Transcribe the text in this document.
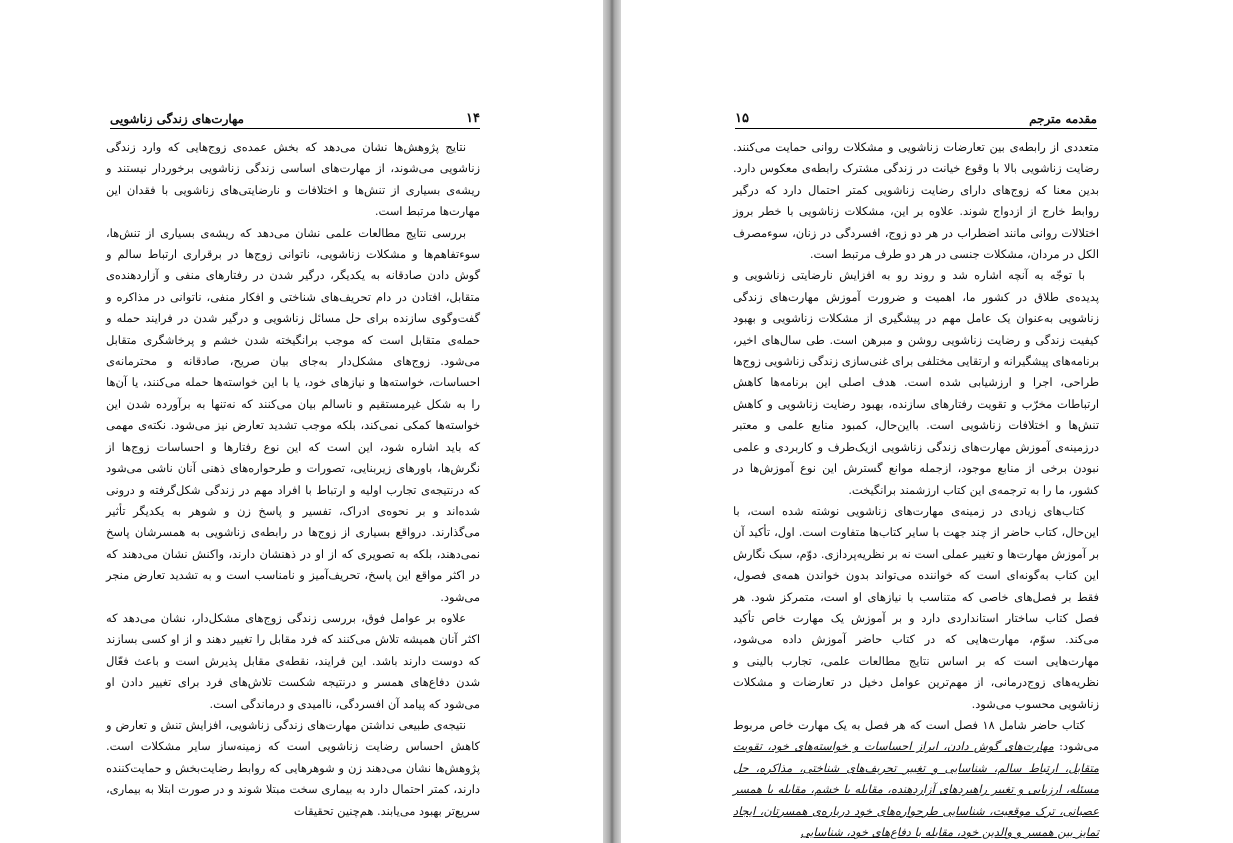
مهارت‌های زندگی زناشویی	۱۴

نتایج پژوهش‌ها نشان می‌دهد که بخش عمده‌ی زوج‌هایی که وارد زندگی زناشویی می‌شوند، از مهارت‌های اساسی زندگی زناشویی برخوردار نیستند و ریشه‌ی بسیاری از تنش‌ها و اختلافات و نارضایتی‌های زناشویی با فقدان این مهارت‌ها مرتبط است.

بررسی نتایج مطالعات علمی نشان می‌دهد که ریشه‌ی بسیاری از تنش‌ها، سوءتفاهم‌ها و مشکلات زناشویی، ناتوانی زوج‌ها در برقراری ارتباط سالم و گوش دادن صادقانه به یکدیگر، درگیر شدن در رفتارهای منفی و آزاردهنده‌ی متقابل، افتادن در دام تحریف‌های شناختی و افکار منفی، ناتوانی در مذاکره و گفت‌وگوی سازنده برای حل مسائل زناشویی و درگیر شدن در فرایند حمله و حمله‌ی متقابل است که موجب برانگیخته شدن خشم و پرخاشگری متقابل می‌شود. زوج‌های مشکل‌دار به‌جای بیان صریح، صادقانه و محترمانه‌ی احساسات، خواسته‌ها و نیازهای خود، یا با این خواسته‌ها حمله می‌کنند، یا آن‌ها را به شکل غیرمستقیم و ناسالم بیان می‌کنند که نه‌تنها به برآورده شدن این خواسته‌ها کمکی نمی‌کند، بلکه موجب تشدید تعارض نیز می‌شود. نکته‌ی مهمی که باید اشاره شود، این است که این نوع رفتارها و احساسات زوج‌ها از نگرش‌ها، باورهای زیربنایی، تصورات و طرحواره‌های ذهنی آنان ناشی می‌شود که درنتیجه‌ی تجارب اولیه و ارتباط با افراد مهم در زندگی شکل‌گرفته و درونی شده‌اند و بر نحوه‌ی ادراک، تفسیر و پاسخ زن و شوهر به یکدیگر تأثیر می‌گذارند. درواقع بسیاری از زوج‌ها در رابطه‌ی زناشویی به همسرشان پاسخ نمی‌دهند، بلکه به تصویری که از او در ذهنشان دارند، واکنش نشان می‌دهند که در اکثر مواقع این پاسخ، تحریف‌آمیز و نامناسب است و به تشدید تعارض منجر می‌شود.

علاوه بر عوامل فوق، بررسی زندگی زوج‌های مشکل‌دار، نشان می‌دهد که اکثر آنان همیشه تلاش می‌کنند که فرد مقابل را تغییر دهند و از او کسی بسازند که دوست دارند باشد. این فرایند، نقطه‌ی مقابل پذیرش است و باعث فعّال شدن دفاع‌های همسر و درنتیجه شکست تلاش‌های فرد برای تغییر دادن او می‌شود که پیامد آن افسردگی، ناامیدی و درماندگی است.

نتیجه‌ی طبیعی نداشتن مهارت‌های زندگی زناشویی، افزایش تنش و تعارض و کاهش احساس رضایت زناشویی است که زمینه‌ساز سایر مشکلات است. پژوهش‌ها نشان می‌دهند زن و شوهرهایی که روابط رضایت‌بخش و حمایت‌کننده دارند، کمتر احتمال دارد به بیماری سخت مبتلا شوند و در صورت ابتلا به بیماری، سریع‌تر بهبود می‌یابند. هم‌چنین تحقیقات

۱۵	مقدمه مترجم

متعددی از رابطه‌ی بین تعارضات زناشویی و مشکلات روانی حمایت می‌کنند. رضایت زناشویی بالا با وقوع خیانت در زندگی مشترک رابطه‌ی معکوس دارد. بدین معنا که زوج‌های دارای رضایت زناشویی کمتر احتمال دارد که درگیر روابط خارج از ازدواج شوند. علاوه بر این، مشکلات زناشویی با خطر بروز اختلالات روانی مانند اضطراب در هر دو زوج، افسردگی در زنان، سوءمصرف الکل در مردان، مشکلات جنسی در هر دو طرف مرتبط است.

با توجّه به آنچه اشاره شد و روند رو به افزایش نارضایتی زناشویی و پدیده‌ی طلاق در کشور ما، اهمیت و ضرورت آموزش مهارت‌های زندگی زناشویی به‌عنوان یک عامل مهم در پیشگیری از مشکلات زناشویی و بهبود کیفیت زندگی و رضایت زناشویی روشن و مبرهن است. طی سال‌های اخیر، برنامه‌های پیشگیرانه و ارتقایی مختلفی برای غنی‌سازی زندگی زناشویی زوج‌ها طراحی، اجرا و ارزشیابی شده است. هدف اصلی این برنامه‌ها کاهش ارتباطات مخرّب و تقویت رفتارهای سازنده، بهبود رضایت زناشویی و کاهش تنش‌ها و اختلافات زناشویی است. بااین‌حال، کمبود منابع علمی و معتبر درزمینه‌ی آموزش مهارت‌های زندگی زناشویی ازیک‌طرف و کاربردی و علمی نبودن برخی از منابع موجود، ازجمله موانع گسترش این نوع آموزش‌ها در کشور، ما را به ترجمه‌ی این کتاب ارزشمند برانگیخت.

کتاب‌های زیادی در زمینه‌ی مهارت‌های زناشویی نوشته شده است، با این‌حال، کتاب حاضر از چند جهت با سایر کتاب‌ها متفاوت است. اول، تأکید آن بر آموزش مهارت‌ها و تغییر عملی است نه بر نظریه‌پردازی. دوّم، سبک نگارش این کتاب به‌گونه‌ای است که خواننده می‌تواند بدون خواندن همه‌ی فصول، فقط بر فصل‌های خاصی که متناسب با نیازهای او است، متمرکز شود. هر فصل کتاب ساختار استانداردی دارد و بر آموزش یک مهارت خاص تأکید می‌کند. سوّم، مهارت‌هایی که در کتاب حاضر آموزش داده می‌شود، مهارت‌هایی است که بر اساس نتایج مطالعات علمی، تجارب بالینی و نظریه‌های زوج‌درمانی، از مهم‌ترین عوامل دخیل در تعارضات و مشکلات زناشویی محسوب می‌شود.

کتاب حاضر شامل ۱۸ فصل است که هر فصل به یک مهارت خاص مربوط می‌شود: مهارت‌های گوش دادن، ابراز احساسات و خواسته‌های خود، تقویت متقابل، ارتباط سالم، شناسایی و تغییر تحریف‌های شناختی، مذاکره، حل مسئله، ارزیابی و تغییر راهبردهای آزاردهنده، مقابله با خشم، مقابله با همسر عصبانی، ترک موقعیت، شناسایی طرحواره‌های خود درباره‌ی همسرتان، ایجاد تمایز بین همسر و والدین خود، مقابله با دفاع‌های خود، شناسایی
